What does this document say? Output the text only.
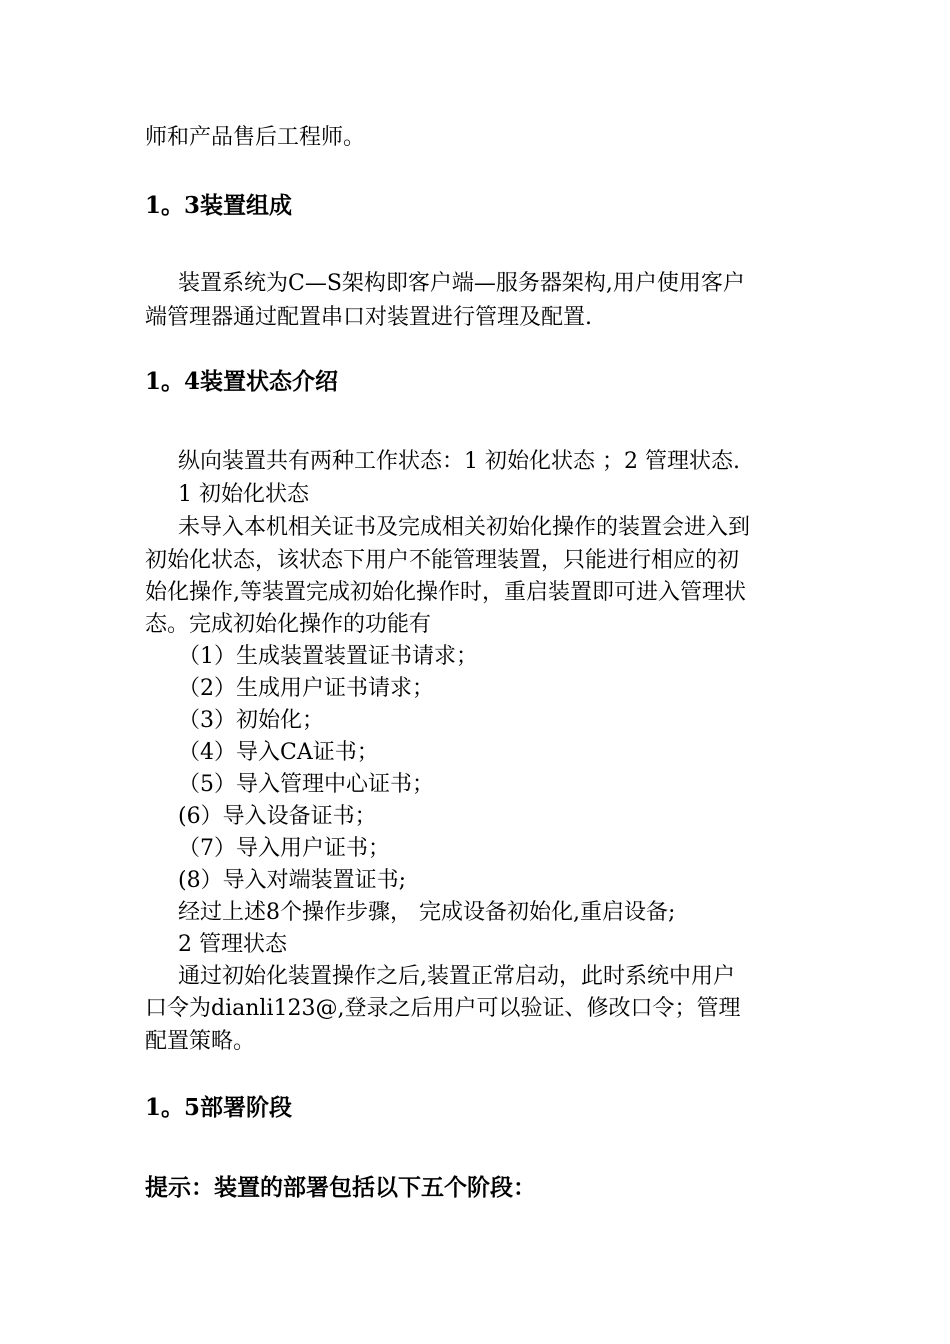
师和产品售后工程师。
1。3装置组成
装置系统为C—S架构即客户端—服务器架构,用户使用客户
端管理器通过配置串口对装置进行管理及配置.
1。4装置状态介绍
纵向装置共有两种工作状态：1 初始化状态 ；2 管理状态.
1 初始化状态
未导入本机相关证书及完成相关初始化操作的装置会进入到
初始化状态，该状态下用户不能管理装置，只能进行相应的初
始化操作,等装置完成初始化操作时，重启装置即可进入管理状
态。完成初始化操作的功能有
（1）生成装置装置证书请求；
（2）生成用户证书请求；
（3）初始化；
（4）导入CA证书；
（5）导入管理中心证书；
(6）导入设备证书；
（7）导入用户证书；
(8）导入对端装置证书;
经过上述8个操作步骤， 完成设备初始化,重启设备;
2 管理状态
通过初始化装置操作之后,装置正常启动，此时系统中用户
口令为dianli123@,登录之后用户可以验证、修改口令；管理
配置策略。
1。5部署阶段
提示：装置的部署包括以下五个阶段：
